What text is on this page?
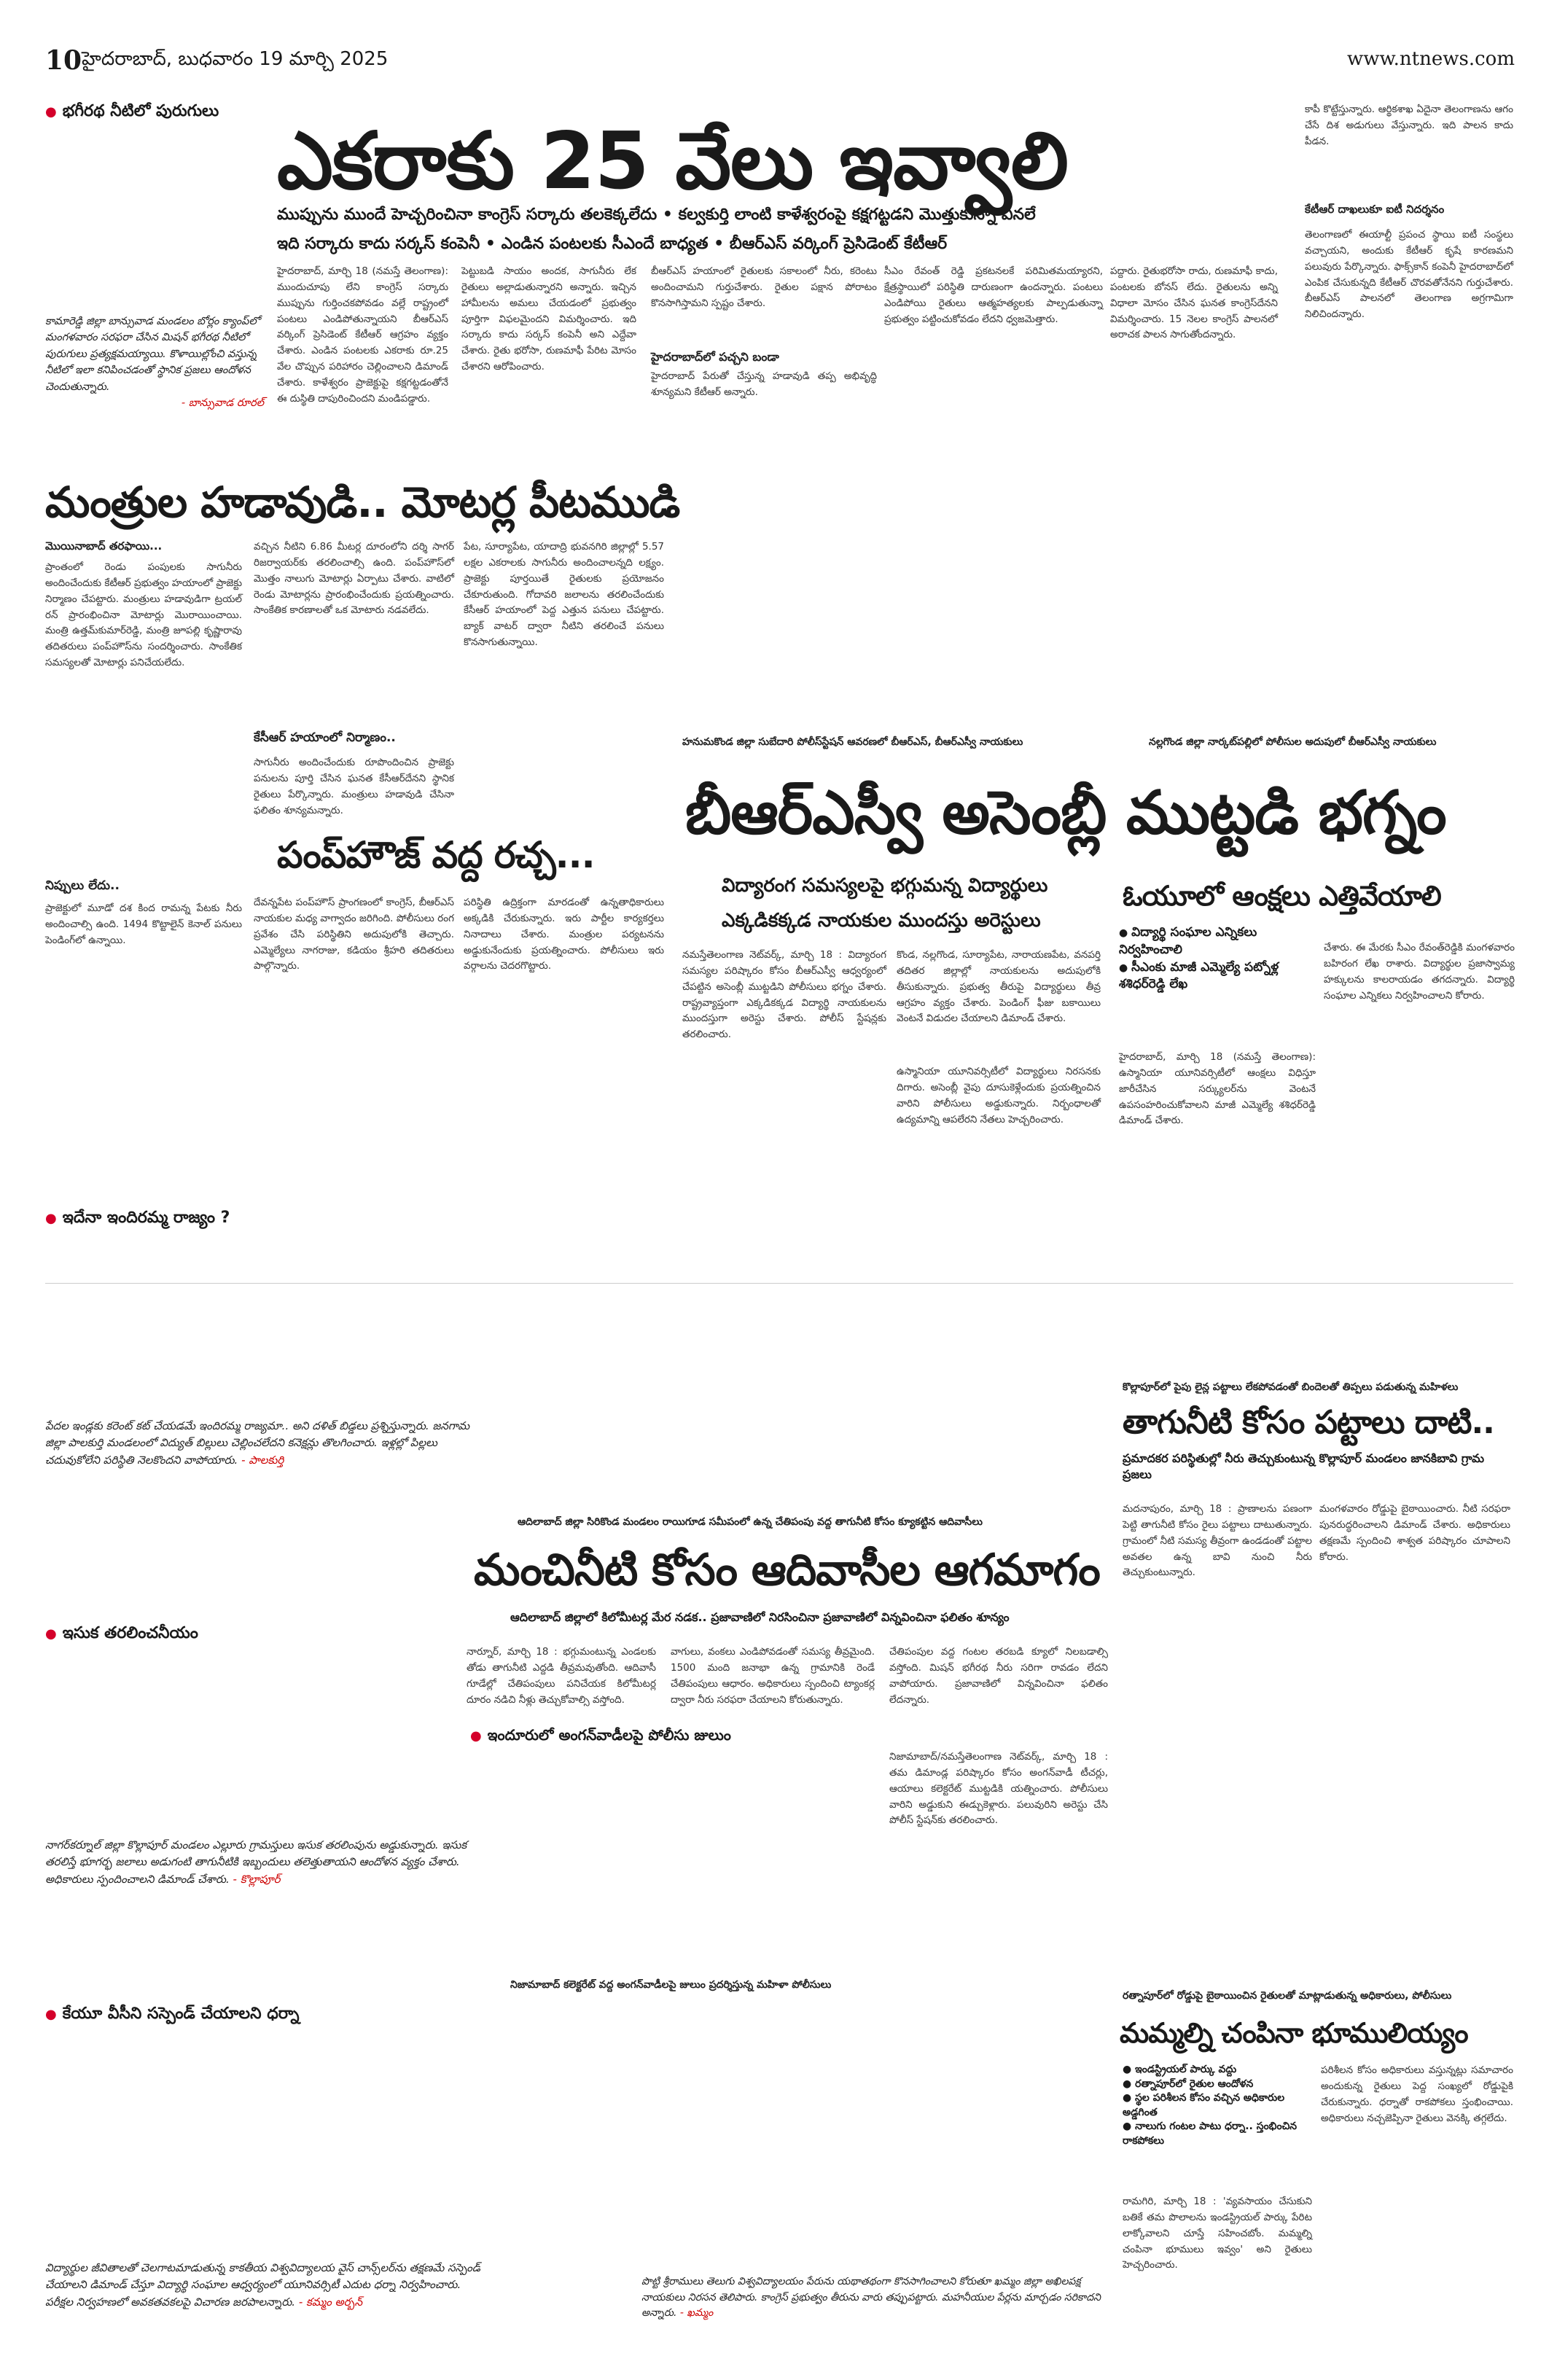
10 హైదరాబాద్, బుధవారం 19 మార్చి 2025	www.ntnews.com
● భగీరథ నీటిలో పురుగులు
ఎకరాకు 25 వేలు ఇవ్వాలి
ముప్పును ముందే హెచ్చరించినా కాంగ్రెస్ సర్కారు తలకెక్కలేదు • కల్వకుర్తి లాంటి కాళేశ్వరంపై కక్షగట్టడని మొత్తుకున్నా వినలే
ఇది సర్కారు కాదు సర్కస్ కంపెనీ • ఎండిన పంటలకు సీఎందే బాధ్యత • బీఆర్ఎస్ వర్కింగ్ ప్రెసిడెంట్ కేటీఆర్
కామారెడ్డి జిల్లా బాన్సువాడ మండలం బోర్లం క్యాంప్‌లో మంగళవారం సరఫరా చేసిన మిషన్ భగీరథ నీటిలో పురుగులు ప్రత్యక్షమయ్యాయి. కొళాయిల్లోంచి వస్తున్న నీటిలో ఇలా కనిపించడంతో స్థానిక ప్రజలు ఆందోళన చెందుతున్నారు.
- బాన్సువాడ రూరల్
హైదరాబాద్, మార్చి 18 (నమస్తే తెలంగాణ): ముందుచూపు లేని కాంగ్రెస్ సర్కారు ముప్పును గుర్తించకపోవడం వల్లే రాష్ట్రంలో పంటలు ఎండిపోతున్నాయని బీఆర్ఎస్ వర్కింగ్ ప్రెసిడెంట్ కేటీఆర్ ఆగ్రహం వ్యక్తం చేశారు. ఎండిన పంటలకు ఎకరాకు రూ.25 వేల చొప్పున పరిహారం చెల్లించాలని డిమాండ్ చేశారు. కాళేశ్వరం ప్రాజెక్టుపై కక్షగట్టడంతోనే ఈ దుస్థితి దాపురించిందని మండిపడ్డారు.
పెట్టుబడి సాయం అందక, సాగునీరు లేక రైతులు అల్లాడుతున్నారని అన్నారు. ఇచ్చిన హామీలను అమలు చేయడంలో ప్రభుత్వం పూర్తిగా విఫలమైందని విమర్శించారు. ఇది సర్కారు కాదు సర్కస్ కంపెనీ అని ఎద్దేవా చేశారు. రైతు భరోసా, రుణమాఫీ పేరిట మోసం చేశారని ఆరోపించారు.
బీఆర్ఎస్ హయాంలో రైతులకు సకాలంలో నీరు, కరెంటు అందించామని గుర్తుచేశారు. రైతుల పక్షాన పోరాటం కొనసాగిస్తామని స్పష్టం చేశారు.
హైదరాబాద్‌లో పచ్చని బండా
హైదరాబాద్ పేరుతో చేస్తున్న హడావుడి తప్ప అభివృద్ధి శూన్యమని కేటీఆర్ అన్నారు.
సీఎం రేవంత్ రెడ్డి ప్రకటనలకే పరిమితమయ్యారని, క్షేత్రస్థాయిలో పరిస్థితి దారుణంగా ఉందన్నారు. పంటలు ఎండిపోయి రైతులు ఆత్మహత్యలకు పాల్పడుతున్నా ప్రభుత్వం పట్టించుకోవడం లేదని ధ్వజమెత్తారు.
పద్దారు. రైతుభరోసా రాదు, రుణమాఫీ కాదు, పంటలకు బోనస్ లేదు. రైతులను అన్ని విధాలా మోసం చేసిన ఘనత కాంగ్రెస్‌దేనని విమర్శించారు. 15 నెలల కాంగ్రెస్ పాలనలో అరాచక పాలన సాగుతోందన్నారు.
కాపీ కొట్టేస్తున్నారు. ఆర్థికశాఖ ఏదైనా తెలంగాణను ఆగం చేసే దిశ అడుగులు వేస్తున్నారు. ఇది పాలన కాదు పీడన.
కేటీఆర్ దాఖలుకూ ఐటీ నిదర్శనం
తెలంగాణలో ఈయాల్టీ ప్రపంచ స్థాయి ఐటీ సంస్థలు వచ్చాయని, అందుకు కేటీఆర్ కృషే కారణమని పలువురు పేర్కొన్నారు. ఫాక్స్‌కాన్ కంపెనీ హైదరాబాద్‌లో ఎంపిక చేసుకున్నది కేటీఆర్ చొరవతోనేనని గుర్తుచేశారు. బీఆర్ఎస్ పాలనలో తెలంగాణ అగ్రగామిగా నిలిచిందన్నారు.
మంత్రుల హడావుడి.. మోటర్ల పీటముడి
మొయినాబాద్ తరఫాయి...
ప్రాంతంలో రెండు పంపులకు సాగునీరు అందించేందుకు కేటీఆర్ ప్రభుత్వం హయాంలో ప్రాజెక్టు నిర్మాణం చేపట్టారు. మంత్రులు హడావుడిగా ట్రయల్ రన్ ప్రారంభించినా మోటార్లు మొరాయించాయి. మంత్రి ఉత్తమ్‌కుమార్‌రెడ్డి, మంత్రి జూపల్లి కృష్ణారావు తదితరులు పంప్‌హౌస్‌ను సందర్శించారు. సాంకేతిక సమస్యలతో మోటార్లు పనిచేయలేదు.
నిప్పులు లేదు..
ప్రాజెక్టులో మూడో దశ కింద రామన్న పేటకు నీరు అందించాల్సి ఉంది. 1494 కొట్టాలైన్ కెనాల్ పనులు పెండింగ్‌లో ఉన్నాయి.
వచ్చిన నీటిని 6.86 మీటర్ల దూరంలోని దర్శి సాగర్ రిజర్వాయర్‌కు తరలించాల్సి ఉంది. పంప్‌హౌస్‌లో మొత్తం నాలుగు మోటార్లు ఏర్పాటు చేశారు. వాటిలో రెండు మోటార్లను ప్రారంభించేందుకు ప్రయత్నించారు. సాంకేతిక కారణాలతో ఒక మోటారు నడవలేదు.
కేసీఆర్ హయాంలో నిర్మాణం..
సాగునీరు అందించేందుకు రూపొందించిన ప్రాజెక్టు పనులను పూర్తి చేసిన ఘనత కేసీఆర్‌దేనని స్థానిక రైతులు పేర్కొన్నారు. మంత్రులు హడావుడి చేసినా ఫలితం శూన్యమన్నారు.
పేట, సూర్యాపేట, యాదాద్రి భువనగిరి జిల్లాల్లో 5.57 లక్షల ఎకరాలకు సాగునీరు అందించాలన్నది లక్ష్యం. ప్రాజెక్టు పూర్తయితే రైతులకు ప్రయోజనం చేకూరుతుంది. గోదావరి జలాలను తరలించేందుకు కేసీఆర్ హయాంలో పెద్ద ఎత్తున పనులు చేపట్టారు. బ్యాక్ వాటర్ ద్వారా నీటిని తరలించే పనులు కొనసాగుతున్నాయి.
పంప్‌హౌజ్ వద్ద రచ్చ...
దేవన్నపేట పంప్‌హౌస్ ప్రాంగణంలో కాంగ్రెస్, బీఆర్ఎస్ నాయకుల మధ్య వాగ్వాదం జరిగింది. పోలీసులు రంగ ప్రవేశం చేసి పరిస్థితిని అదుపులోకి తెచ్చారు. ఎమ్మెల్యేలు నాగరాజు, కడియం శ్రీహరి తదితరులు పాల్గొన్నారు.
పరిస్థితి ఉద్రిక్తంగా మారడంతో ఉన్నతాధికారులు అక్కడికి చేరుకున్నారు. ఇరు పార్టీల కార్యకర్తలు నినాదాలు చేశారు. మంత్రుల పర్యటనను అడ్డుకునేందుకు ప్రయత్నించారు. పోలీసులు ఇరు వర్గాలను చెదరగొట్టారు.
● ఇదేనా ఇందిరమ్మ రాజ్యం ?
హనుమకొండ జిల్లా సుబేదారి పోలీస్‌స్టేషన్ ఆవరణలో బీఆర్ఎస్, బీఆర్ఎస్వీ నాయకులు	నల్లగొండ జిల్లా నార్కట్‌పల్లిలో పోలీసుల అదుపులో బీఆర్ఎస్వీ నాయకులు
బీఆర్ఎస్వీ అసెంబ్లీ ముట్టడి భగ్నం
విద్యారంగ సమస్యలపై భగ్గుమన్న విద్యార్థులు
ఎక్కడికక్కడ నాయకుల ముందస్తు అరెస్టులు
నమస్తేతెలంగాణ నెట్‌వర్క్, మార్చి 18 : విద్యారంగ సమస్యల పరిష్కారం కోసం బీఆర్ఎస్వీ ఆధ్వర్యంలో చేపట్టిన అసెంబ్లీ ముట్టడిని పోలీసులు భగ్నం చేశారు. రాష్ట్రవ్యాప్తంగా ఎక్కడికక్కడ విద్యార్థి నాయకులను ముందస్తుగా అరెస్టు చేశారు. పోలీస్ స్టేషన్లకు తరలించారు.
కొండ, నల్లగొండ, సూర్యాపేట, నారాయణపేట, వనపర్తి తదితర జిల్లాల్లో నాయకులను అదుపులోకి తీసుకున్నారు. ప్రభుత్వ తీరుపై విద్యార్థులు తీవ్ర ఆగ్రహం వ్యక్తం చేశారు. పెండింగ్ ఫీజు బకాయిలు వెంటనే విడుదల చేయాలని డిమాండ్ చేశారు.
ఉస్మానియా యూనివర్సిటీలో విద్యార్థులు నిరసనకు దిగారు. అసెంబ్లీ వైపు దూసుకెళ్లేందుకు ప్రయత్నించిన వారిని పోలీసులు అడ్డుకున్నారు. నిర్బంధాలతో ఉద్యమాన్ని ఆపలేరని నేతలు హెచ్చరించారు.
ఓయూలో ఆంక్షలు ఎత్తివేయాలి
● విద్యార్థి సంఘాల ఎన్నికలు నిర్వహించాలి
● సీఎంకు మాజీ ఎమ్మెల్యే పట్నోళ్ల శశిధర్‌రెడ్డి లేఖ
హైదరాబాద్, మార్చి 18 (నమస్తే తెలంగాణ): ఉస్మానియా యూనివర్సిటీలో ఆంక్షలు విధిస్తూ జారీచేసిన సర్క్యులర్‌ను వెంటనే ఉపసంహరించుకోవాలని మాజీ ఎమ్మెల్యే శశిధర్‌రెడ్డి డిమాండ్ చేశారు.
చేశారు. ఈ మేరకు సీఎం రేవంత్‌రెడ్డికి మంగళవారం బహిరంగ లేఖ రాశారు. విద్యార్థుల ప్రజాస్వామ్య హక్కులను కాలరాయడం తగదన్నారు. విద్యార్థి సంఘాల ఎన్నికలు నిర్వహించాలని కోరారు.
పేదల ఇండ్లకు కరెంట్ కట్ చేయడమే ఇందిరమ్మ రాజ్యమా.. అని దళిత్ బిడ్డలు ప్రశ్నిస్తున్నారు. జనగామ జిల్లా పాలకుర్తి మండలంలో విద్యుత్ బిల్లులు చెల్లించలేదని కనెక్షన్లు తొలగించారు. ఇళ్లల్లో పిల్లలు చదువుకోలేని పరిస్థితి నెలకొందని వాపోయారు. - పాలకుర్తి
● ఇసుక తరలించనీయం
నాగర్‌కర్నూల్ జిల్లా కొల్లాపూర్ మండలం ఎల్లూరు గ్రామస్తులు ఇసుక తరలింపును అడ్డుకున్నారు. ఇసుక తరలిస్తే భూగర్భ జలాలు అడుగంటి తాగునీటికి ఇబ్బందులు తలెత్తుతాయని ఆందోళన వ్యక్తం చేశారు. అధికారులు స్పందించాలని డిమాండ్ చేశారు. - కొల్లాపూర్
● కేయూ వీసీని సస్పెండ్ చేయాలని ధర్నా
విద్యార్థుల జీవితాలతో చెలగాటమాడుతున్న కాకతీయ విశ్వవిద్యాలయ వైస్ చాన్స్‌లర్‌ను తక్షణమే సస్పెండ్ చేయాలని డిమాండ్ చేస్తూ విద్యార్థి సంఘాల ఆధ్వర్యంలో యూనివర్సిటీ ఎదుట ధర్నా నిర్వహించారు. పరీక్షల నిర్వహణలో అవకతవకలపై విచారణ జరపాలన్నారు. - కమ్మం అర్బన్
ఆదిలాబాద్ జిల్లా సిరికొండ మండలం రాయిగూడ సమీపంలో ఉన్న చేతిపంపు వద్ద తాగునీటి కోసం క్యూకట్టిన ఆదివాసీలు
మంచినీటి కోసం ఆదివాసీల ఆగమాగం
ఆదిలాబాద్ జిల్లాలో కిలోమీటర్ల మేర నడక.. ప్రజావాణిలో నిరసించినా ప్రజావాణిలో విన్నవించినా ఫలితం శూన్యం
నార్నూర్, మార్చి 18 : భగ్గుమంటున్న ఎండలకు తోడు తాగునీటి ఎద్దడి తీవ్రమవుతోంది. ఆదివాసీ గూడేల్లో చేతిపంపులు పనిచేయక కిలోమీటర్ల దూరం నడిచి నీళ్లు తెచ్చుకోవాల్సి వస్తోంది.
వాగులు, వంకలు ఎండిపోవడంతో సమస్య తీవ్రమైంది. 1500 మంది జనాభా ఉన్న గ్రామానికి రెండే చేతిపంపులు ఆధారం. అధికారులు స్పందించి ట్యాంకర్ల ద్వారా నీరు సరఫరా చేయాలని కోరుతున్నారు.
చేతిపంపుల వద్ద గంటల తరబడి క్యూలో నిలబడాల్సి వస్తోంది. మిషన్ భగీరథ నీరు సరిగా రావడం లేదని వాపోయారు. ప్రజావాణిలో విన్నవించినా ఫలితం లేదన్నారు.
కొల్లాపూర్‌లో పైపు లైన్ల పట్టాలు లేకపోవడంతో బిందెలతో తిప్పలు పడుతున్న మహిళలు
తాగునీటి కోసం పట్టాలు దాటి..
ప్రమాదకర పరిస్థితుల్లో నీరు తెచ్చుకుంటున్న కొల్లాపూర్ మండలం జానకిబావి గ్రామ ప్రజలు
మదనాపురం, మార్చి 18 : ప్రాణాలను పణంగా పెట్టి తాగునీటి కోసం రైలు పట్టాలు దాటుతున్నారు. గ్రామంలో నీటి సమస్య తీవ్రంగా ఉండడంతో పట్టాల అవతల ఉన్న బావి నుంచి నీరు తెచ్చుకుంటున్నారు.
మంగళవారం రోడ్డుపై బైఠాయించారు. నీటి సరఫరా పునరుద్ధరించాలని డిమాండ్ చేశారు. అధికారులు తక్షణమే స్పందించి శాశ్వత పరిష్కారం చూపాలని కోరారు.
● ఇందూరులో అంగన్‌వాడీలపై పోలీసు జులుం
నిజామాబాద్ కలెక్టరేట్ వద్ద అంగన్‌వాడీలపై జులుం ప్రదర్శిస్తున్న మహిళా పోలీసులు
నిజామాబాద్/నమస్తేతెలంగాణ నెట్‌వర్క్, మార్చి 18 : తమ డిమాండ్ల పరిష్కారం కోసం అంగన్‌వాడీ టీచర్లు, ఆయాలు కలెక్టరేట్ ముట్టడికి యత్నించారు. పోలీసులు వారిని అడ్డుకుని ఈడ్చుకెళ్లారు. పలువురిని అరెస్టు చేసి పోలీస్ స్టేషన్‌కు తరలించారు.
రత్నాపూర్‌లో రోడ్డుపై బైఠాయించిన రైతులతో మాట్లాడుతున్న అధికారులు, పోలీసులు
మమ్మల్ని చంపినా భూములియ్యం
● ఇండస్ట్రియల్ పార్కు వద్దు
● రత్నాపూర్‌లో రైతుల ఆందోళన
● స్థల పరిశీలన కోసం వచ్చిన అధికారుల అడ్డగింత
● నాలుగు గంటల పాటు ధర్నా.. స్తంభించిన రాకపోకలు
రామగిరి, మార్చి 18 : 'వ్యవసాయం చేసుకుని బతికే తమ పొలాలను ఇండస్ట్రియల్ పార్కు పేరిట లాక్కోవాలని చూస్తే సహించబోం. మమ్మల్ని చంపినా భూములు ఇవ్వం' అని రైతులు హెచ్చరించారు.
పరిశీలన కోసం అధికారులు వస్తున్నట్లు సమాచారం అందుకున్న రైతులు పెద్ద సంఖ్యలో రోడ్డుపైకి చేరుకున్నారు. ధర్నాతో రాకపోకలు స్తంభించాయి. అధికారులు నచ్చజెప్పినా రైతులు వెనక్కి తగ్గలేదు.
పొట్టి శ్రీరాములు తెలుగు విశ్వవిద్యాలయం పేరును యథాతథంగా కొనసాగించాలని కోరుతూ ఖమ్మం జిల్లా అఖిలపక్ష నాయకులు నిరసన తెలిపారు. కాంగ్రెస్ ప్రభుత్వం తీరును వారు తప్పుపట్టారు. మహనీయుల పేర్లను మార్చడం సరికాదని అన్నారు. - ఖమ్మం
